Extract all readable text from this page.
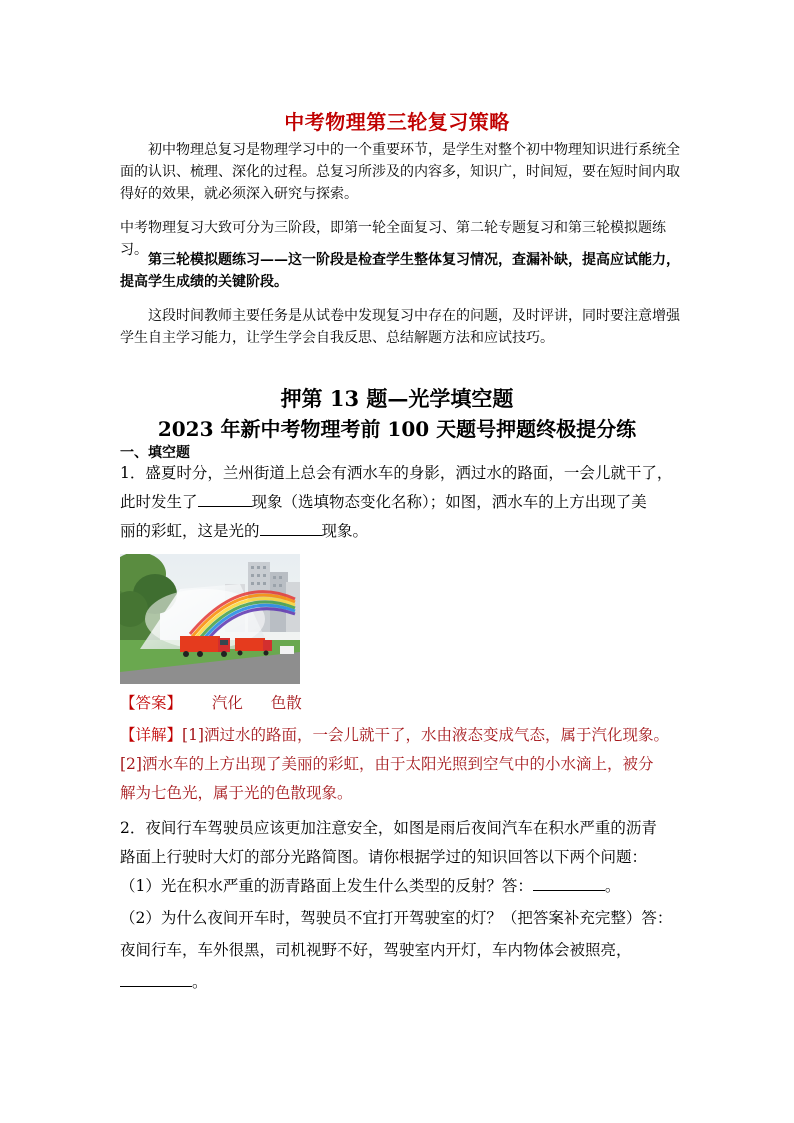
中考物理第三轮复习策略
初中物理总复习是物理学习中的一个重要环节，是学生对整个初中物理知识进行系统全面的认识、梳理、深化的过程。总复习所涉及的内容多，知识广，时间短，要在短时间内取得好的效果，就必须深入研究与探索。
中考物理复习大致可分为三阶段，即第一轮全面复习、第二轮专题复习和第三轮模拟题练习。
第三轮模拟题练习——这一阶段是检查学生整体复习情况，查漏补缺，提高应试能力，提高学生成绩的关键阶段。
这段时间教师主要任务是从试卷中发现复习中存在的问题，及时评讲，同时要注意增强学生自主学习能力，让学生学会自我反思、总结解题方法和应试技巧。
押第 13 题—光学填空题
2023 年新中考物理考前 100 天题号押题终极提分练
一、填空题
1．盛夏时分，兰州街道上总会有洒水车的身影，洒过水的路面，一会儿就干了，
此时发生了	现象（选填物态变化名称）；如图，洒水车的上方出现了美
丽的彩虹，这是光的	现象。
【答案】 汽化 色散
【详解】[1]洒过水的路面，一会儿就干了，水由液态变成气态，属于汽化现象。
[2]洒水车的上方出现了美丽的彩虹，由于太阳光照到空气中的小水滴上，被分
解为七色光，属于光的色散现象。
2．夜间行车驾驶员应该更加注意安全，如图是雨后夜间汽车在积水严重的沥青
路面上行驶时大灯的部分光路简图。请你根据学过的知识回答以下两个问题：
（1）光在积水严重的沥青路面上发生什么类型的反射？答：	。
（2）为什么夜间开车时，驾驶员不宜打开驾驶室的灯？（把答案补充完整）答：
夜间行车，车外很黑，司机视野不好，驾驶室内开灯，车内物体会被照亮，
。
